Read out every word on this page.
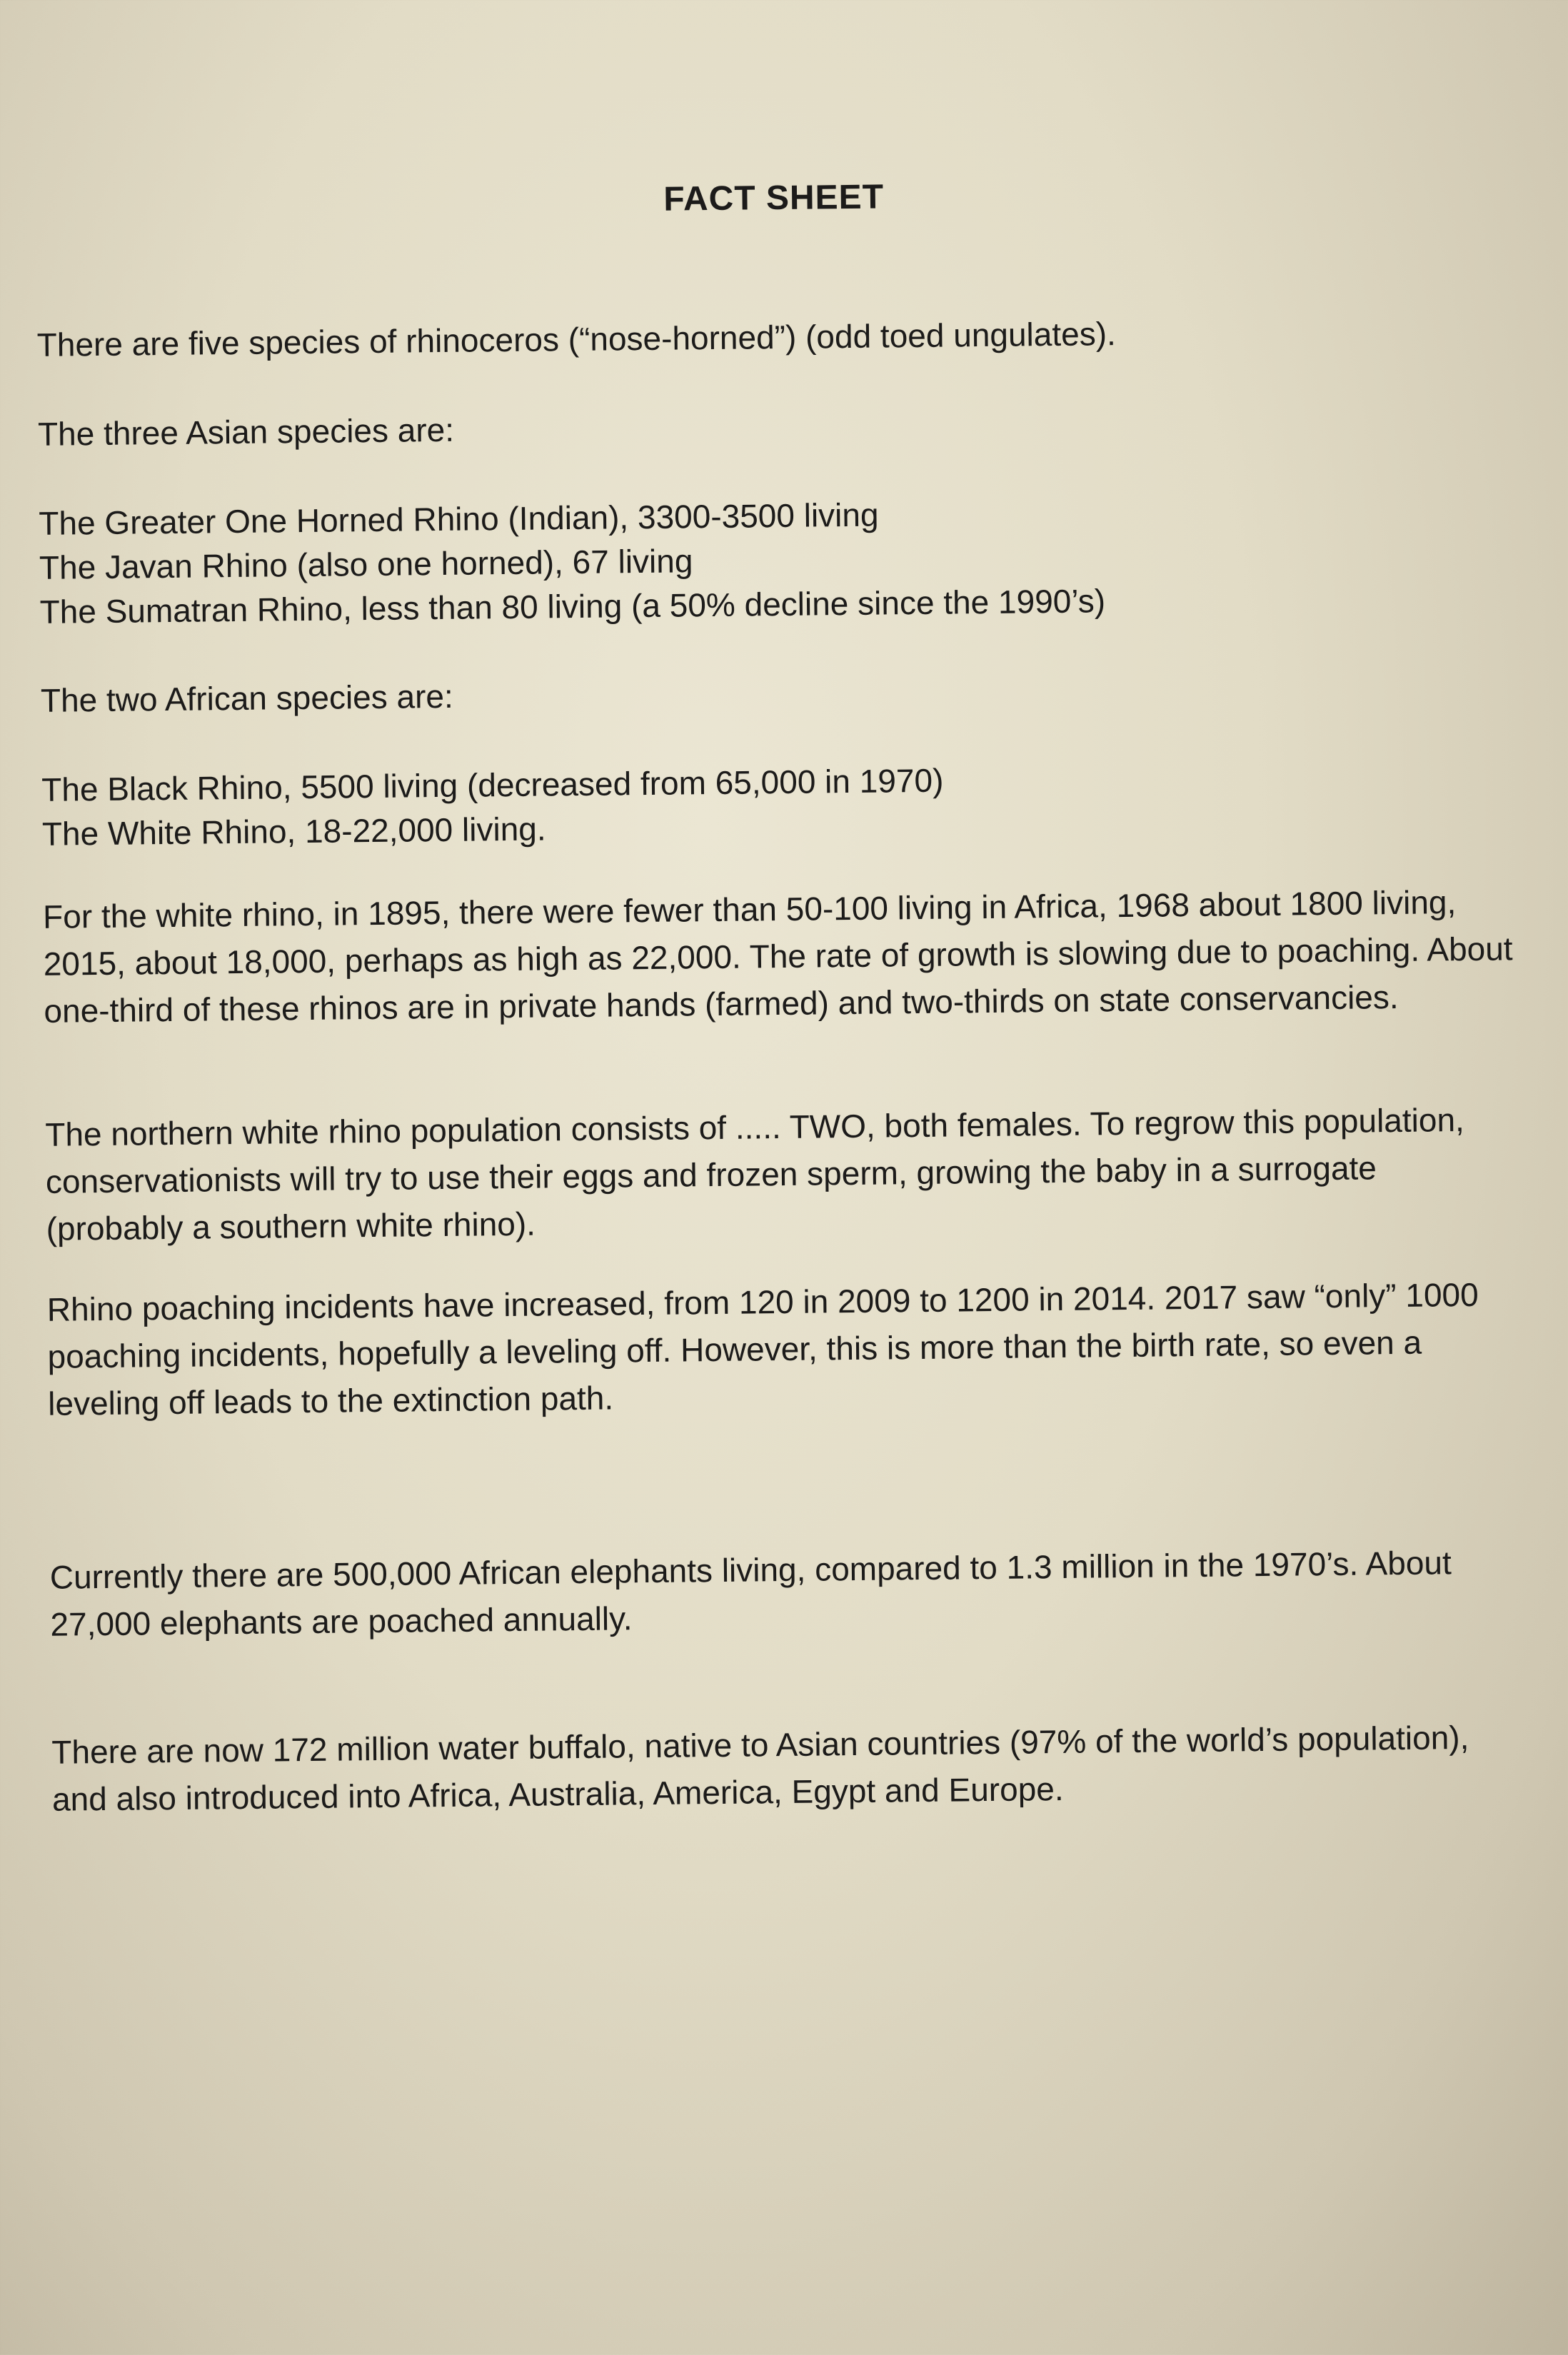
FACT SHEET
There are five species of rhinoceros (“nose-horned”) (odd toed ungulates).
The three Asian species are:
The Greater One Horned Rhino (Indian), 3300-3500 living
The Javan Rhino (also one horned), 67 living
The Sumatran Rhino, less than 80 living (a 50% decline since the 1990’s)
The two African species are:
The Black Rhino, 5500 living (decreased from 65,000 in 1970)
The White Rhino, 18-22,000 living.
For the white rhino, in 1895, there were fewer than 50-100 living in Africa, 1968 about 1800 living, 2015, about 18,000, perhaps as high as 22,000. The rate of growth is slowing due to poaching. About one-third of these rhinos are in private hands (farmed) and two-thirds on state conservancies.
The northern white rhino population consists of ..... TWO, both females. To regrow this population, conservationists will try to use their eggs and frozen sperm, growing the baby in a surrogate (probably a southern white rhino).
Rhino poaching incidents have increased, from 120 in 2009 to 1200 in 2014. 2017 saw “only” 1000 poaching incidents, hopefully a leveling off. However, this is more than the birth rate, so even a leveling off leads to the extinction path.
Currently there are 500,000 African elephants living, compared to 1.3 million in the 1970’s. About 27,000 elephants are poached annually.
There are now 172 million water buffalo, native to Asian countries (97% of the world’s population), and also introduced into Africa, Australia, America, Egypt and Europe.
